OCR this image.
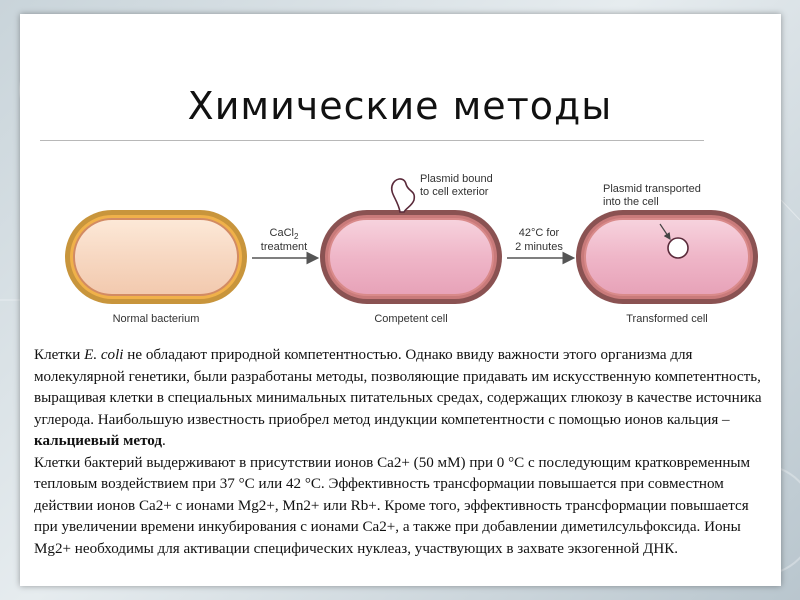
Химические методы
CaCl$_2$
treatment
Plasmid bound
to cell exterior
42°C for
2 minutes
Plasmid transported
into the cell
Normal bacterium	Competent cell	Transformed cell

Клетки E. coli не обладают природной компетентностью. Однако ввиду важности этого организма для молекулярной генетики, были разработаны методы, позволяющие придавать им искусственную компетентность, выращивая клетки в специальных минимальных питательных средах, содержащих глюкозу в качестве источника углерода. Наибольшую известность приобрел метод индукции компетентности с помощью ионов кальция – кальциевый метод.

Клетки бактерий выдерживают в присутствии ионов Ca2+ (50 мМ) при 0 °C с последующим кратковременным тепловым воздействием при 37 °C или 42 °C. Эффективность трансформации повышается при совместном действии ионов Ca2+ с ионами Mg2+, Mn2+ или Rb+. Кроме того, эффективность трансформации повышается при увеличении времени инкубирования с ионами Ca2+, а также при добавлении диметилсульфоксида. Ионы Mg2+ необходимы для активации специфических нуклеаз, участвующих в захвате экзогенной ДНК.
